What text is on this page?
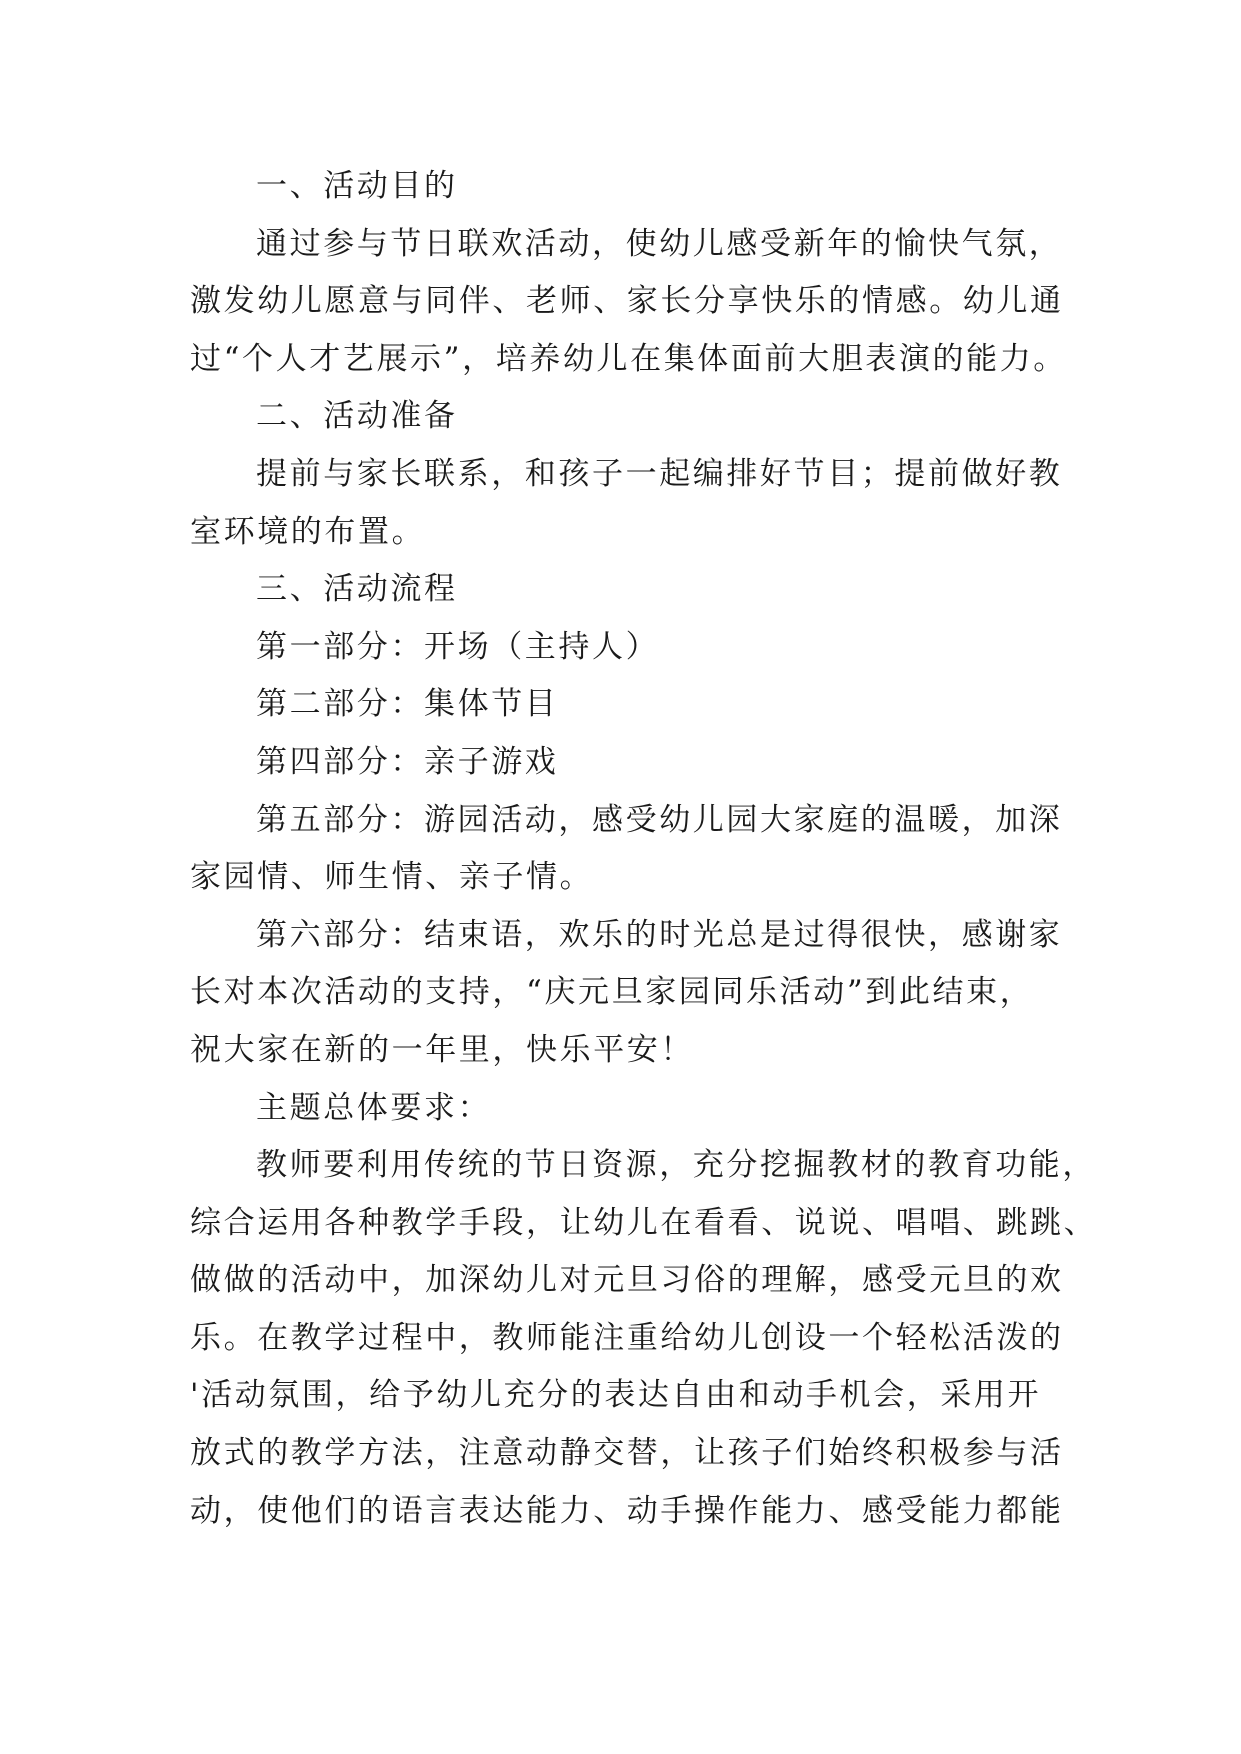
一、活动目的
通过参与节日联欢活动，使幼儿感受新年的愉快气氛，
激发幼儿愿意与同伴、老师、家长分享快乐的情感。幼儿通
过“个人才艺展示”，培养幼儿在集体面前大胆表演的能力。
二、活动准备
提前与家长联系，和孩子一起编排好节目；提前做好教
室环境的布置。
三、活动流程
第一部分：开场（主持人）
第二部分：集体节目
第四部分：亲子游戏
第五部分：游园活动，感受幼儿园大家庭的温暖，加深
家园情、师生情、亲子情。
第六部分：结束语，欢乐的时光总是过得很快，感谢家
长对本次活动的支持，“庆元旦家园同乐活动”到此结束，
祝大家在新的一年里，快乐平安！
主题总体要求：
教师要利用传统的节日资源，充分挖掘教材的教育功能，
综合运用各种教学手段，让幼儿在看看、说说、唱唱、跳跳、
做做的活动中，加深幼儿对元旦习俗的理解，感受元旦的欢
乐。在教学过程中，教师能注重给幼儿创设一个轻松活泼的
'活动氛围，给予幼儿充分的表达自由和动手机会，采用开
放式的教学方法，注意动静交替，让孩子们始终积极参与活
动，使他们的语言表达能力、动手操作能力、感受能力都能
